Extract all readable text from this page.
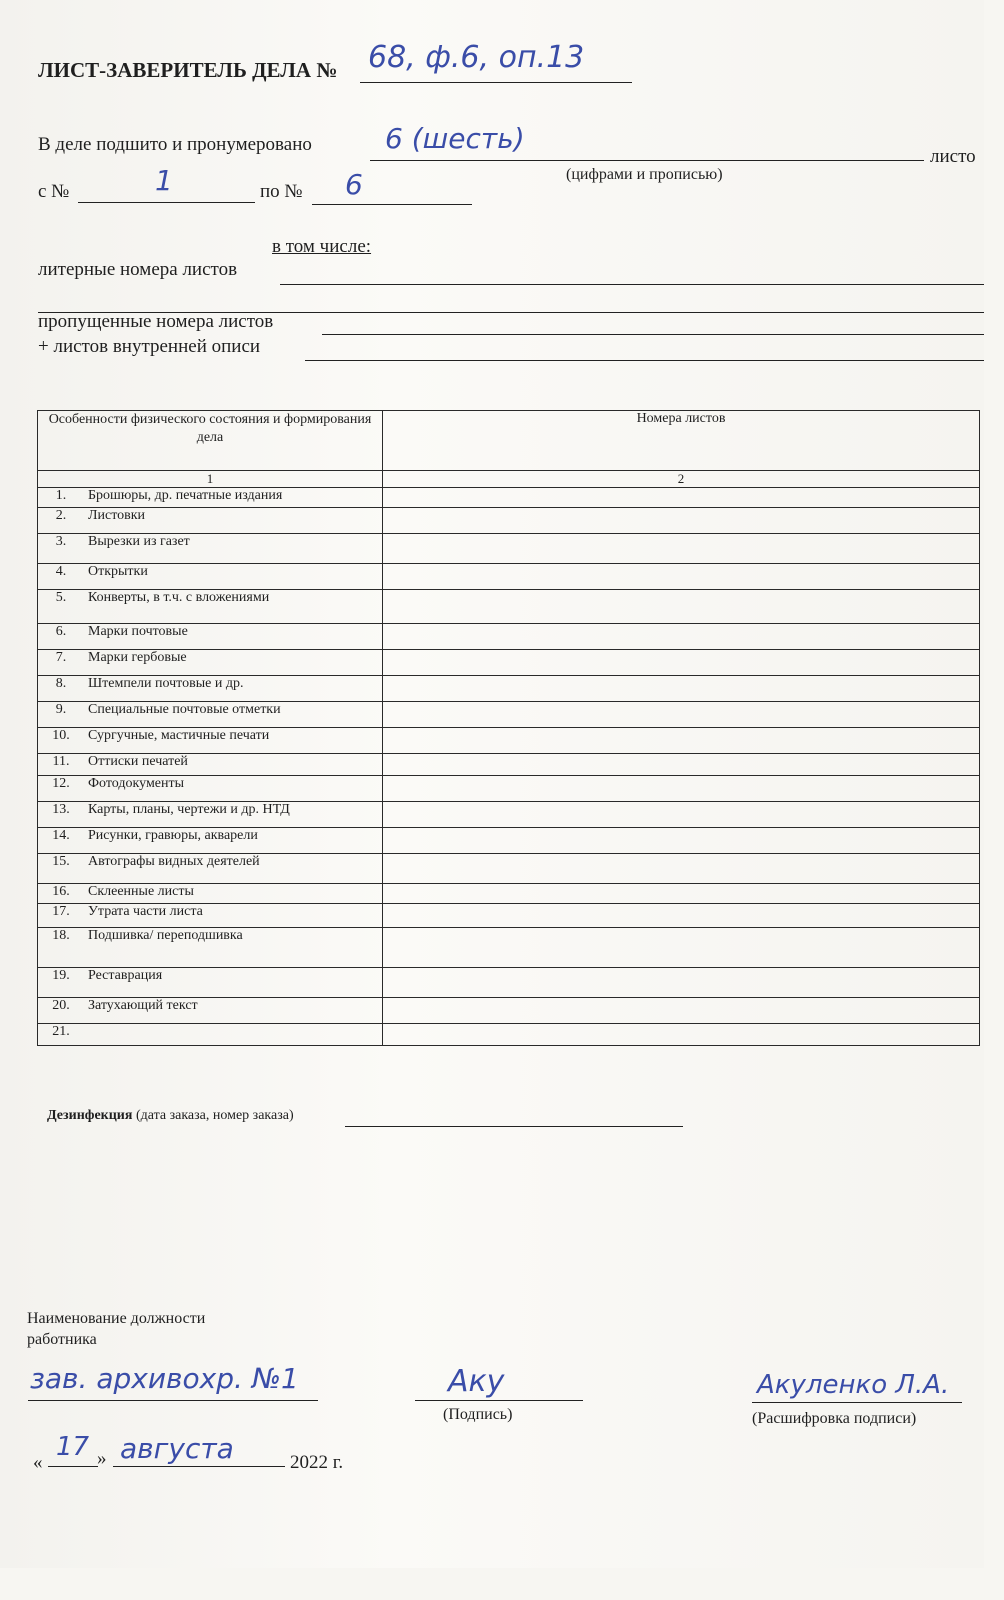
ЛИСТ-ЗАВЕРИТЕЛЬ ДЕЛА № 68, ф.6, оп.13
В деле подшито и пронумеровано	6 (шесть)
листо
(цифрами и прописью)
с №	1	по № 6
в том числе:
литерные номера листов
пропущенные номера листов
+ листов внутренней описи
Особенности физического состояния и формирования дела		Номера листов
1		2
1.	Брошюры, др. печатные издания	
2.	Листовки	
3.	Вырезки из газет	
4.	Открытки	
5.	Конверты, в т.ч. с вложениями	
6.	Марки почтовые	
7.	Марки гербовые	
8.	Штемпели почтовые и др.	
9.	Специальные почтовые отметки	
10.	Сургучные, мастичные печати	
11.	Оттиски печатей	
12.	Фотодокументы	
13.	Карты, планы, чертежи и др. НТД	
14.	Рисунки, гравюры, акварели	
15.	Автографы видных деятелей	
16.	Склеенные листы	
17.	Утрата части листа	
18.	Подшивка/ переподшивка	
19.	Реставрация	
20.	Затухающий текст	
21.		
Дезинфекция (дата заказа, номер заказа)
Наименование должности работника
зав. архивохр. №1	Аку
(Подпись)
Акуленко Л.А.
(Расшифровка подписи)
«
17 » августа	2022 г.
